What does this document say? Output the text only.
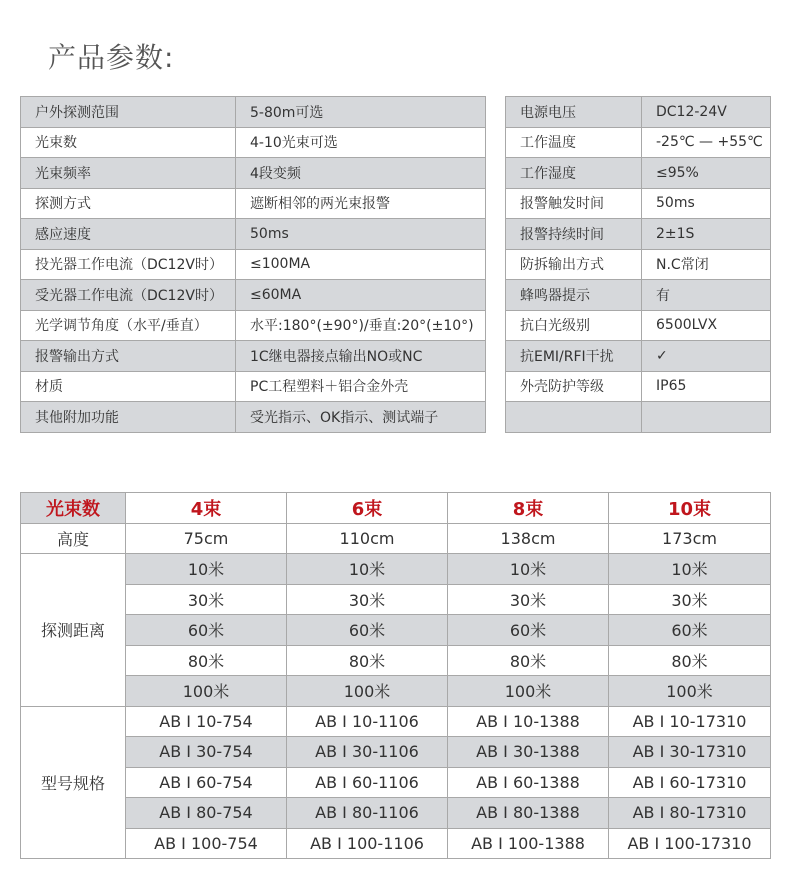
产品参数:
户外探测范围	5-80m可选
光束数	4-10光束可选
光束频率	4段变频
探测方式	遮断相邻的两光束报警
感应速度	50ms
投光器工作电流（DC12V时）	≤100MA
受光器工作电流（DC12V时）	≤60MA
光学调节角度（水平/垂直）	水平:180°(±90°)/垂直:20°(±10°)
报警输出方式	1C继电器接点输出NO或NC
材质	PC工程塑料＋铝合金外壳
其他附加功能	受光指示、OK指示、测试端子
电源电压	DC12-24V
工作温度	-25℃ — +55℃
工作湿度	≤95%
报警触发时间	50ms
报警持续时间	2±1S
防拆输出方式	N.C常闭
蜂鸣器提示	有
抗白光级别	6500LVX
抗EMI/RFI干扰	✓
外壳防护等级	IP65

光束数	4束	6束	8束	10束
高度	75cm	110cm	138cm	173cm
探测距离	10米	10米	10米	10米
	30米	30米	30米	30米
	60米	60米	60米	60米
	80米	80米	80米	80米
	100米	100米	100米	100米
型号规格	AB I 10-754	AB I 10-1106	AB I 10-1388	AB I 10-17310
	AB I 30-754	AB I 30-1106	AB I 30-1388	AB I 30-17310
	AB I 60-754	AB I 60-1106	AB I 60-1388	AB I 60-17310
	AB I 80-754	AB I 80-1106	AB I 80-1388	AB I 80-17310
	AB I 100-754	AB I 100-1106	AB I 100-1388	AB I 100-17310
